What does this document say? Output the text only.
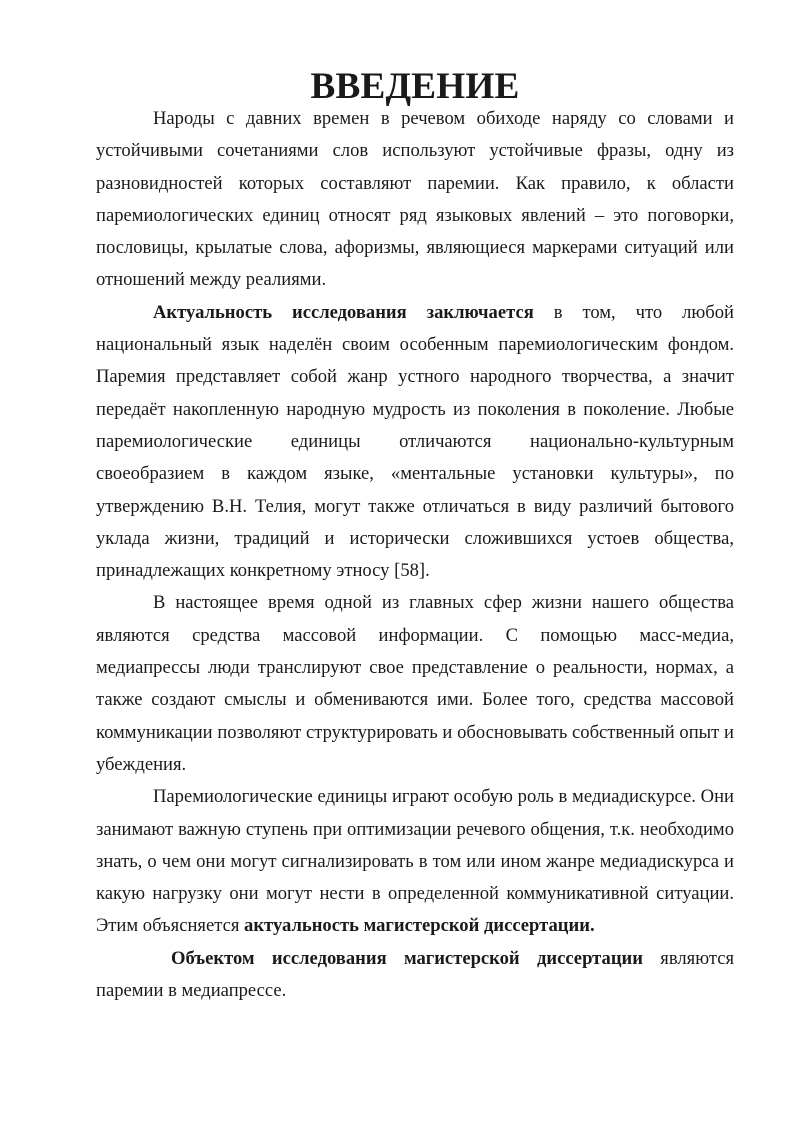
ВВЕДЕНИЕ

Народы с давних времен в речевом обиходе наряду со словами и устойчивыми сочетаниями слов используют устойчивые фразы, одну из разновидностей которых составляют паремии. Как правило, к области паремиологических единиц относят ряд языковых явлений – это поговорки, пословицы, крылатые слова, афоризмы, являющиеся маркерами ситуаций или отношений между реалиями.

Актуальность исследования заключается в том, что любой национальный язык наделён своим особенным паремиологическим фондом. Паремия представляет собой жанр устного народного творчества, а значит передаёт накопленную народную мудрость из поколения в поколение. Любые паремиологические единицы отличаются национально-культурным своеобразием в каждом языке, «ментальные установки культуры», по утверждению В.Н. Телия, могут также отличаться в виду различий бытового уклада жизни, традиций и исторически сложившихся устоев общества, принадлежащих конкретному этносу [58].

В настоящее время одной из главных сфер жизни нашего общества являются средства массовой информации. С помощью масс-медиа, медиапрессы люди транслируют свое представление о реальности, нормах, а также создают смыслы и обмениваются ими. Более того, средства массовой коммуникации позволяют структурировать и обосновывать собственный опыт и убеждения.

Паремиологические единицы играют особую роль в медиадискурсе. Они занимают важную ступень при оптимизации речевого общения, т.к. необходимо знать, о чем они могут сигнализировать в том или ином жанре медиадискурса и какую нагрузку они могут нести в определенной коммуникативной ситуации. Этим объясняется актуальность магистерской диссертации.

Объектом исследования магистерской диссертации являются паремии в медиапрессе.
